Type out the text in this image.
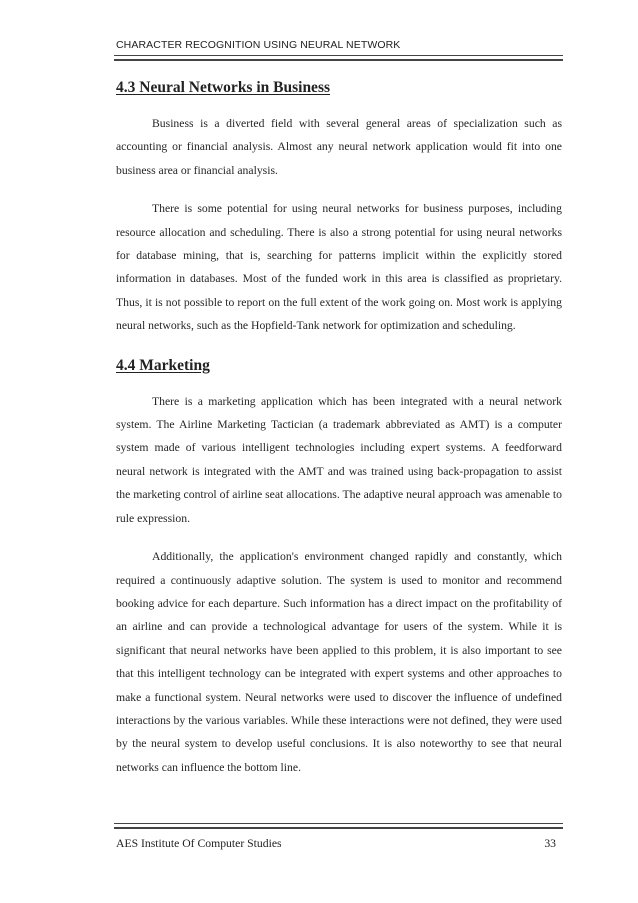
CHARACTER RECOGNITION USING NEURAL NETWORK
4.3 Neural Networks in Business

Business is a diverted field with several general areas of specialization such as accounting or financial analysis. Almost any neural network application would fit into one business area or financial analysis.

There is some potential for using neural networks for business purposes, including resource allocation and scheduling. There is also a strong potential for using neural networks for database mining, that is, searching for patterns implicit within the explicitly stored information in databases. Most of the funded work in this area is classified as proprietary. Thus, it is not possible to report on the full extent of the work going on. Most work is applying neural networks, such as the Hopfield-Tank network for optimization and scheduling.

4.4 Marketing

There is a marketing application which has been integrated with a neural network system. The Airline Marketing Tactician (a trademark abbreviated as AMT) is a computer system made of various intelligent technologies including expert systems. A feedforward neural network is integrated with the AMT and was trained using back-propagation to assist the marketing control of airline seat allocations. The adaptive neural approach was amenable to rule expression.

Additionally, the application's environment changed rapidly and constantly, which required a continuously adaptive solution. The system is used to monitor and recommend booking advice for each departure. Such information has a direct impact on the profitability of an airline and can provide a technological advantage for users of the system. While it is significant that neural networks have been applied to this problem, it is also important to see that this intelligent technology can be integrated with expert systems and other approaches to make a functional system. Neural networks were used to discover the influence of undefined interactions by the various variables. While these interactions were not defined, they were used by the neural system to develop useful conclusions. It is also noteworthy to see that neural networks can influence the bottom line.

AES Institute Of Computer Studies	33
